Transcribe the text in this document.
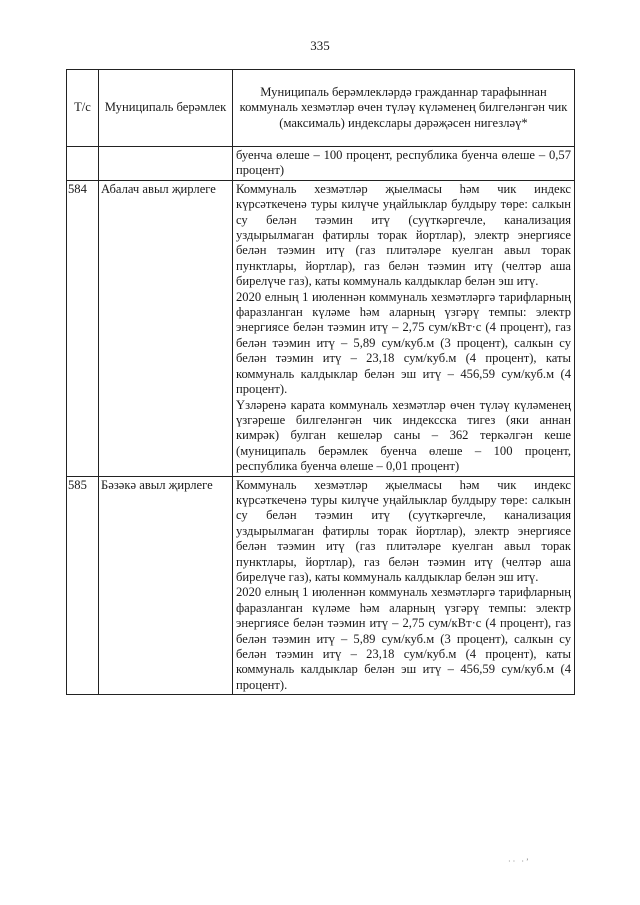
335
Т/с	Муниципаль берәмлек	Муниципаль берәмлекләрдә гражданнар тарафыннан коммуналь хезмәтләр өчен түләү күләменең билгеләнгән чик (максималь) индекслары дәрәҗәсен нигезләү*

		буенча өлеше – 100 процент, республика буенча өлеше – 0,57 процент)

584	Абалач авыл җирлеге	Коммуналь хезмәтләр җыелмасы һәм чик индекс күрсәткеченә туры килүче уңайлыклар булдыру төре: салкын су белән тәэмин итү (суүткәргечле, канализация уздырылмаган фатирлы торак йортлар), электр энергиясе белән тәэмин итү (газ плитәләре куелган авыл торак пунктлары, йортлар), газ белән тәэмин итү (челтәр аша бирелүче газ), каты коммуналь калдыклар белән эш итү.

2020 елның 1 июленнән коммуналь хезмәтләргә тарифларның фаразланган күләме һәм аларның үзгәрү темпы: электр энергиясе белән тәэмин итү – 2,75 сум/кВт·с (4 процент), газ белән тәэмин итү – 5,89 сум/куб.м (3 процент), салкын су белән тәэмин итү – 23,18 сум/куб.м (4 процент), каты коммуналь калдыклар белән эш итү – 456,59 сум/куб.м (4 процент).

Үзләренә карата коммуналь хезмәтләр өчен түләү күләменең үзгәреше билгеләнгән чик индексска тигез (яки аннан кимрәк) булган кешеләр саны – 362 теркәлгән кеше (муниципаль берәмлек буенча өлеше – 100 процент, республика буенча өлеше – 0,01 процент)

585	Бәзәкә авыл җирлеге	Коммуналь хезмәтләр җыелмасы һәм чик индекс күрсәткеченә туры килүче уңайлыклар булдыру төре: салкын су белән тәэмин итү (суүткәргечле, канализация уздырылмаган фатирлы торак йортлар), электр энергиясе белән тәэмин итү (газ плитәләре куелган авыл торак пунктлары, йортлар), газ белән тәэмин итү (челтәр аша бирелүче газ), каты коммуналь калдыклар белән эш итү.

2020 елның 1 июленнән коммуналь хезмәтләргә тарифларның фаразланган күләме һәм аларның үзгәрү темпы: электр энергиясе белән тәэмин итү – 2,75 сум/кВт·с (4 процент), газ белән тәэмин итү – 5,89 сум/куб.м (3 процент), салкын су белән тәэмин итү – 23,18 сум/куб.м (4 процент), каты коммуналь калдыклар белән эш итү – 456,59 сум/куб.м (4 процент).

·· ·ʼ
